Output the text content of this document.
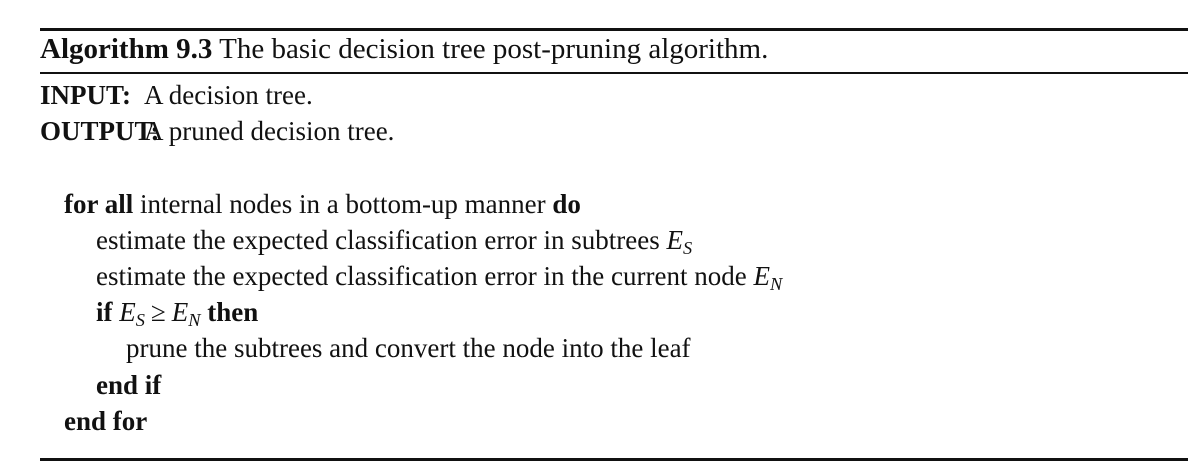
Algorithm 9.3 The basic decision tree post-pruning algorithm.
INPUT: A decision tree.
OUTPUT:A pruned decision tree.
for all internal nodes in a bottom-up manner do
estimate the expected classification error in subtrees $E_S$
estimate the expected classification error in the current node $E_N$
if $E_S \ge E_N$ then
prune the subtrees and convert the node into the leaf
end if
end for
